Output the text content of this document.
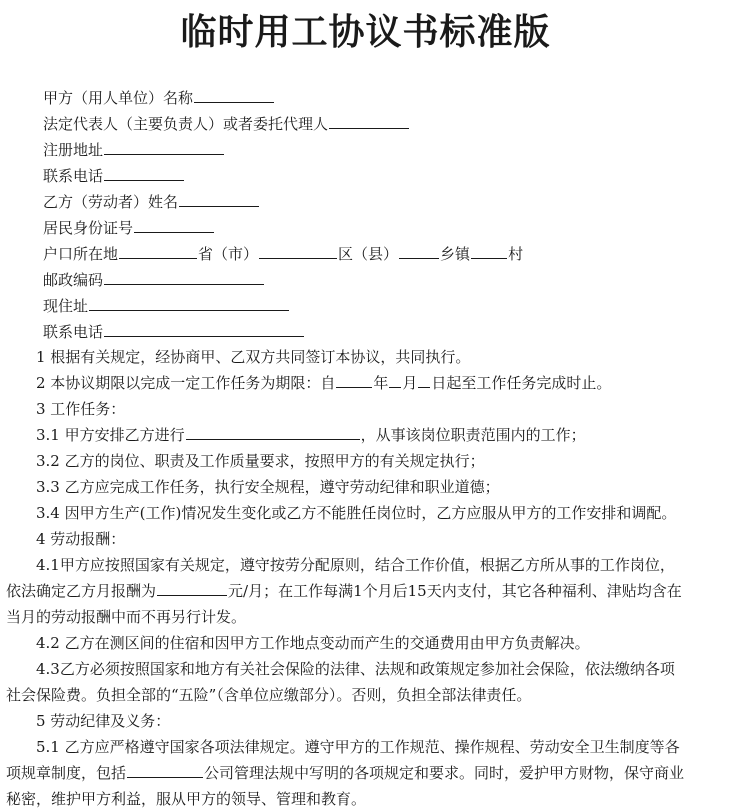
临时用工协议书标准版
甲方（用人单位）名称
法定代表人（主要负责人）或者委托代理人
注册地址
联系电话
乙方（劳动者）姓名
居民身份证号
户口所在地	省（市）	区（县）	乡镇	村
邮政编码
现住址
联系电话
1 根据有关规定，经协商甲、乙双方共同签订本协议，共同执行。
2 本协议期限以完成一定工作任务为期限：自	年 月 日起至工作任务完成时止。
3 工作任务：
3.1 甲方安排乙方进行	，从事该岗位职责范围内的工作；
3.2 乙方的岗位、职责及工作质量要求，按照甲方的有关规定执行；
3.3 乙方应完成工作任务，执行安全规程，遵守劳动纪律和职业道德；
3.4 因甲方生产(工作)情况发生变化或乙方不能胜任岗位时，乙方应服从甲方的工作安排和调配。
4 劳动报酬：
4.1甲方应按照国家有关规定，遵守按劳分配原则，结合工作价值，根据乙方所从事的工作岗位，
依法确定乙方月报酬为	元/月；在工作每满1个月后15天内支付，其它各种福利、津贴均含在
当月的劳动报酬中而不再另行计发。
4.2 乙方在测区间的住宿和因甲方工作地点变动而产生的交通费用由甲方负责解决。
4.3乙方必须按照国家和地方有关社会保险的法律、法规和政策规定参加社会保险，依法缴纳各项
社会保险费。负担全部的“五险”（含单位应缴部分）。否则，负担全部法律责任。
5 劳动纪律及义务：
5.1 乙方应严格遵守国家各项法律规定。遵守甲方的工作规范、操作规程、劳动安全卫生制度等各
项规章制度，包括	公司管理法规中写明的各项规定和要求。同时，爱护甲方财物，保守商业
秘密，维护甲方利益，服从甲方的领导、管理和教育。
